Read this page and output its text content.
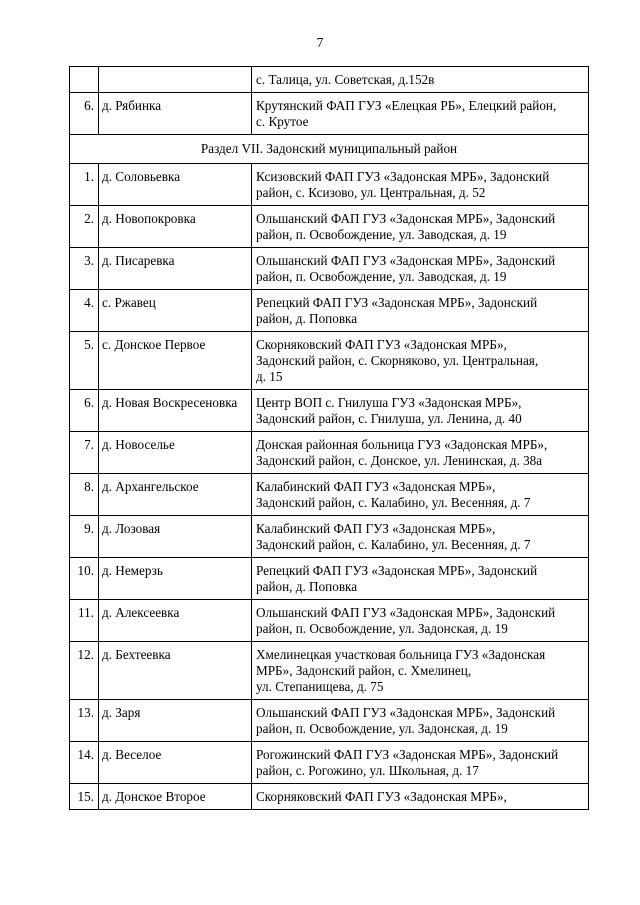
7

		с. Талица, ул. Советская, д.152в

6.	д. Рябинка	Крутянский ФАП ГУЗ «Елецкая РБ», Елецкий район,
с. Крутое

Раздел VII. Задонский муниципальный район		
1.	д. Соловьевка	Ксизовский ФАП ГУЗ «Задонская МРБ», Задонский
район, с. Ксизово, ул. Центральная, д. 52

2.	д. Новопокровка	Ольшанский ФАП ГУЗ «Задонская МРБ», Задонский
район, п. Освобождение, ул. Заводская, д. 19

3.	д. Писаревка	Ольшанский ФАП ГУЗ «Задонская МРБ», Задонский
район, п. Освобождение, ул. Заводская, д. 19

4.	с. Ржавец	Репецкий ФАП ГУЗ «Задонская МРБ», Задонский
район, д. Поповка

5.	с. Донское Первое	Скорняковский ФАП ГУЗ «Задонская МРБ»,
Задонский район, с. Скорняково, ул. Центральная,
д. 15

6.	д. Новая Воскресеновка	Центр ВОП с. Гнилуша ГУЗ «Задонская МРБ»,
Задонский район, с. Гнилуша, ул. Ленина, д. 40

7.	д. Новоселье	Донская районная больница ГУЗ «Задонская МРБ»,
Задонский район, с. Донское, ул. Ленинская, д. 38а

8.	д. Архангельское	Калабинский ФАП ГУЗ «Задонская МРБ»,
Задонский район, с. Калабино, ул. Весенняя, д. 7

9.	д. Лозовая	Калабинский ФАП ГУЗ «Задонская МРБ»,
Задонский район, с. Калабино, ул. Весенняя, д. 7

10.	д. Немерзь	Репецкий ФАП ГУЗ «Задонская МРБ», Задонский
район, д. Поповка

11.	д. Алексеевка	Ольшанский ФАП ГУЗ «Задонская МРБ», Задонский
район, п. Освобождение, ул. Задонская, д. 19

12.	д. Бехтеевка	Хмелинецкая участковая больница ГУЗ «Задонская
МРБ», Задонский район, с. Хмелинец,
ул. Степанищева, д. 75

13.	д. Заря	Ольшанский ФАП ГУЗ «Задонская МРБ», Задонский
район, п. Освобождение, ул. Задонская, д. 19

14.	д. Веселое	Рогожинский ФАП ГУЗ «Задонская МРБ», Задонский
район, с. Рогожино, ул. Школьная, д. 17

15.	д. Донское Второе	Скорняковский ФАП ГУЗ «Задонская МРБ»,
